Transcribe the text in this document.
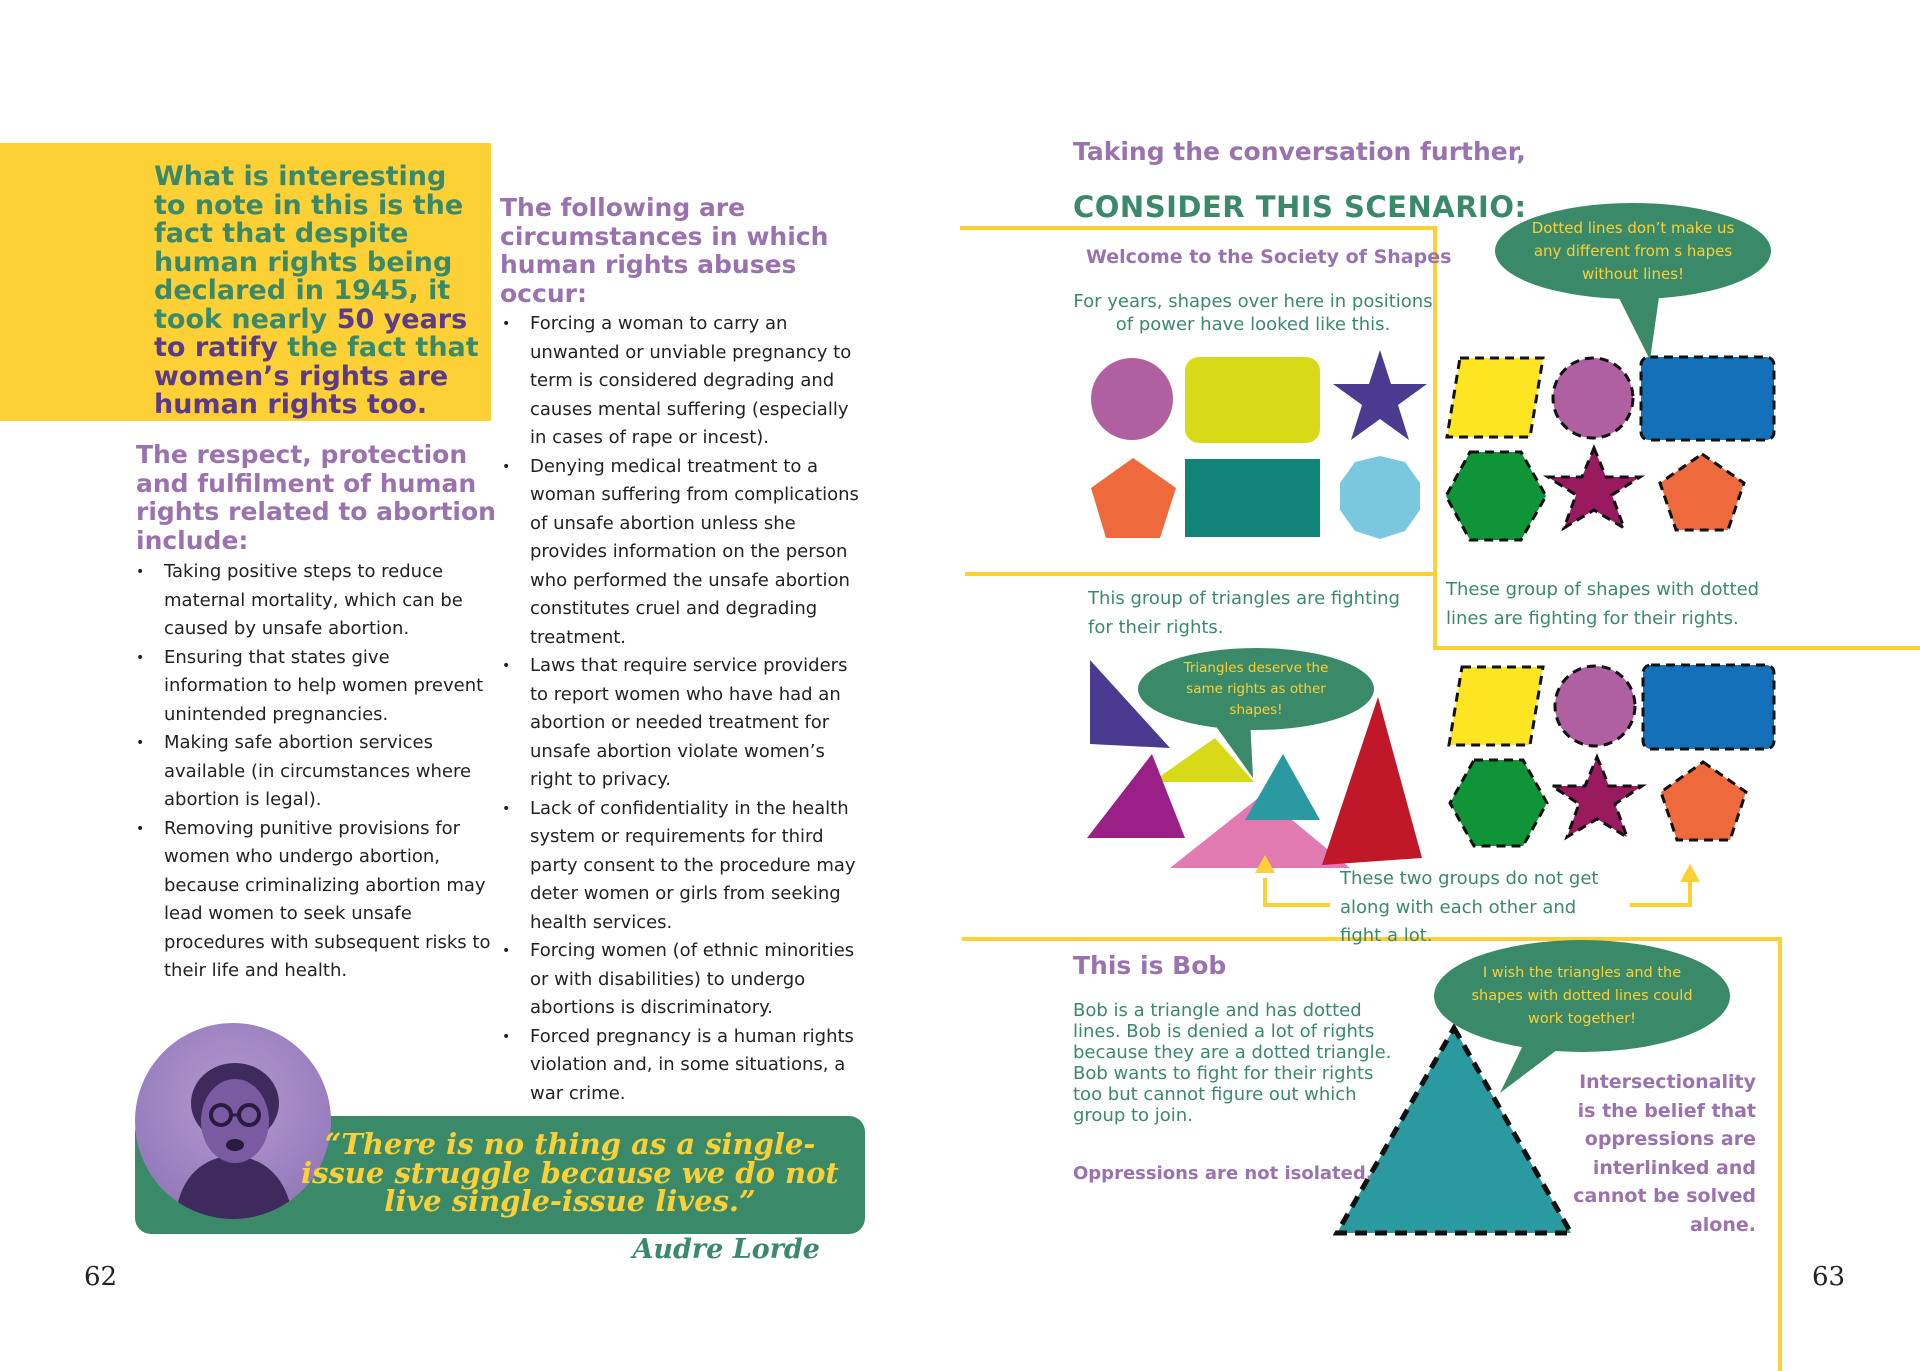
What is interesting to note in this is the fact that despite human rights being declared in 1945, it took nearly 50 years to ratify the fact that women’s rights are human rights too.
The respect, protection and fulfilment of human rights related to abortion include:
• Taking positive steps to reduce maternal mortality, which can be caused by unsafe abortion.
• Ensuring that states give information to help women prevent unintended pregnancies.
• Making safe abortion services available (in circumstances where abortion is legal).
• Removing punitive provisions for women who undergo abortion, because criminalizing abortion may lead women to seek unsafe procedures with subsequent risks to their life and health.
The following are circumstances in which human rights abuses occur:
• Forcing a woman to carry an unwanted or unviable pregnancy to term is considered degrading and causes mental suffering (especially in cases of rape or incest).
• Denying medical treatment to a woman suffering from complications of unsafe abortion unless she provides information on the person who performed the unsafe abortion constitutes cruel and degrading treatment.
• Laws that require service providers to report women who have had an abortion or needed treatment for unsafe abortion violate women’s right to privacy.
• Lack of confidentiality in the health system or requirements for third party consent to the procedure may deter women or girls from seeking health services.
• Forcing women (of ethnic minorities or with disabilities) to undergo abortions is discriminatory.
• Forced pregnancy is a human rights violation and, in some situations, a war crime.
“There is no thing as a single-issue struggle because we do not live single-issue lives.”
Audre Lorde
62
Dotted lines don’t make us any different from s hapes without lines!
Triangles deserve the same rights as other shapes!
I wish the triangles and the shapes with dotted lines could work together!
Taking the conversation further,
CONSIDER THIS SCENARIO:
Welcome to the Society of Shapes
For years, shapes over here in positions of power have looked like this.
These group of shapes with dotted lines are fighting for their rights.
This group of triangles are fighting for their rights.
These two groups do not get along with each other and fight a lot.
This is Bob
Bob is a triangle and has dotted lines. Bob is denied a lot of rights because they are a dotted triangle. Bob wants to fight for their rights too but cannot figure out which group to join.
Oppressions are not isolated.
Intersectionality is the belief that oppressions are interlinked and cannot be solved alone.
63
